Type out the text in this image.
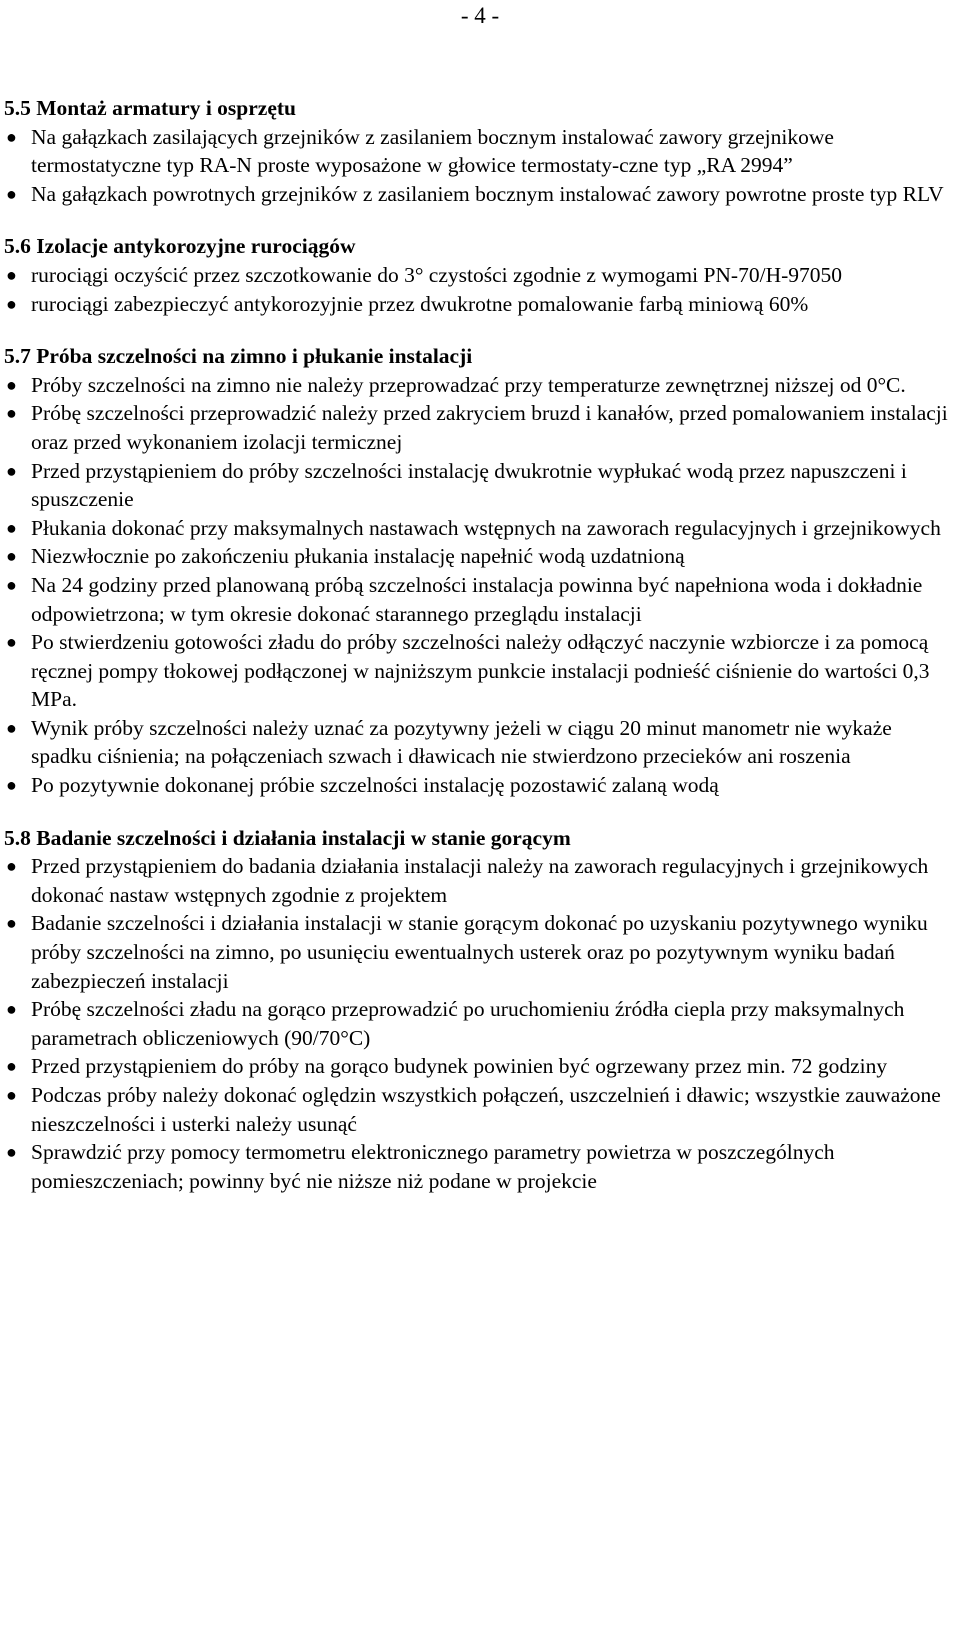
- 4 -
5.5 Montaż armatury i osprzętu
● Na gałązkach zasilających grzejników z zasilaniem bocznym instalować zawory grzejnikowe termostatyczne typ RA-N proste wyposażone w głowice termostaty-czne typ „RA 2994”
● Na gałązkach powrotnych grzejników z zasilaniem bocznym instalować zawory powrotne proste typ RLV
5.6 Izolacje antykorozyjne rurociągów
● rurociągi oczyścić przez szczotkowanie do 3° czystości zgodnie z wymogami PN-70/H-97050
● rurociągi zabezpieczyć antykorozyjnie przez dwukrotne pomalowanie farbą miniową 60%
5.7 Próba szczelności na zimno i płukanie instalacji
● Próby szczelności na zimno nie należy przeprowadzać przy temperaturze zewnętrznej niższej od 0°C.
● Próbę szczelności przeprowadzić należy przed zakryciem bruzd i kanałów, przed pomalowaniem instalacji oraz przed wykonaniem izolacji termicznej
● Przed przystąpieniem do próby szczelności instalację dwukrotnie wypłukać wodą przez napuszczeni i spuszczenie
● Płukania dokonać przy maksymalnych nastawach wstępnych na zaworach regulacyjnych i grzejnikowych
● Niezwłocznie po zakończeniu płukania instalację napełnić wodą uzdatnioną
● Na 24 godziny przed planowaną próbą szczelności instalacja powinna być napełniona woda i dokładnie odpowietrzona; w tym okresie dokonać starannego przeglądu instalacji
● Po stwierdzeniu gotowości zładu do próby szczelności należy odłączyć naczynie wzbiorcze i za pomocą ręcznej pompy tłokowej podłączonej w najniższym punkcie instalacji podnieść ciśnienie do wartości 0,3 MPa.
● Wynik próby szczelności należy uznać za pozytywny jeżeli w ciągu 20 minut manometr nie wykaże spadku ciśnienia; na połączeniach szwach i dławicach nie stwierdzono przecieków ani roszenia
● Po pozytywnie dokonanej próbie szczelności instalację pozostawić zalaną wodą
5.8 Badanie szczelności i działania instalacji w stanie gorącym
● Przed przystąpieniem do badania działania instalacji należy na zaworach regulacyjnych i grzejnikowych dokonać nastaw wstępnych zgodnie z projektem
● Badanie szczelności i działania instalacji w stanie gorącym dokonać po uzyskaniu pozytywnego wyniku próby szczelności na zimno, po usunięciu ewentualnych usterek oraz po pozytywnym wyniku badań zabezpieczeń instalacji
● Próbę szczelności zładu na gorąco przeprowadzić po uruchomieniu źródła ciepla przy maksymalnych parametrach obliczeniowych (90/70°C)
● Przed przystąpieniem do próby na gorąco budynek powinien być ogrzewany przez min. 72 godziny
● Podczas próby należy dokonać oględzin wszystkich połączeń, uszczelnień i dławic; wszystkie zauważone nieszczelności i usterki należy usunąć
● Sprawdzić przy pomocy termometru elektronicznego parametry powietrza w poszczególnych pomieszczeniach; powinny być nie niższe niż podane w projekcie
